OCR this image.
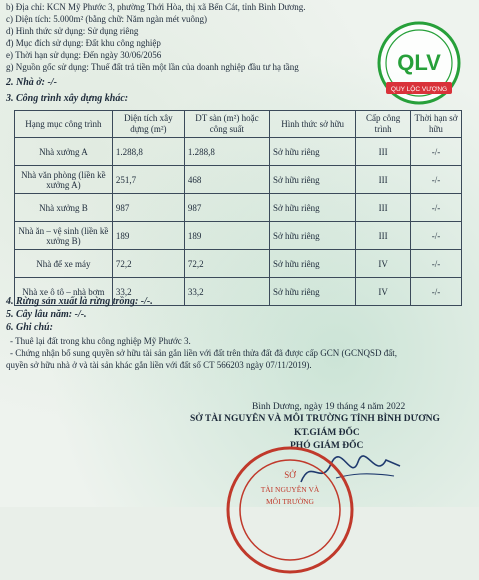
b) Địa chỉ: KCN Mỹ Phước 3, phường Thới Hòa, thị xã Bến Cát, tỉnh Bình Dương.
c) Diện tích: 5.000m² (bằng chữ: Năm ngàn mét vuông)
d) Hình thức sử dụng: Sử dụng riêng
đ) Mục đích sử dụng: Đất khu công nghiệp
e) Thời hạn sử dụng: Đến ngày 30/06/2056
g) Nguồn gốc sử dụng: Thuế đất trả tiền một lần của doanh nghiệp đầu tư hạ tầng
2. Nhà ở: -/-
3. Công trình xây dựng khác:
Hạng mục công trình	Diện tích xây dựng (m²)	DT sàn (m²) hoặc công suất	Hình thức sở hữu	Cấp công trình	Thời hạn sở hữu
Nhà xưởng A	1.288,8	1.288,8	Sở hữu riêng	III	-/-
Nhà văn phòng (liền kề xưởng A)	251,7	468	Sở hữu riêng	III	-/-
Nhà xưởng B	987	987	Sở hữu riêng	III	-/-
Nhà ăn – vệ sinh (liền kề xưởng B)	189	189	Sở hữu riêng	III	-/-
Nhà để xe máy	72,2	72,2	Sở hữu riêng	IV	-/-
Nhà xe ô tô – nhà bơm	33,2	33,2	Sở hữu riêng	IV	-/-
4. Rừng sản xuất là rừng trồng: -/-.
5. Cây lâu năm: -/-.
6. Ghi chú:
- Thuê lại đất trong khu công nghiệp Mỹ Phước 3.
- Chứng nhận bổ sung quyền sở hữu tài sản gắn liền với đất trên thửa đất đã được cấp GCN (GCNQSD đất,
quyền sở hữu nhà ở và tài sản khác gắn liền với đất số CT 566203 ngày 07/11/2019).
Bình Dương, ngày 19 tháng 4 năm 2022
SỞ TÀI NGUYÊN VÀ MÔI TRƯỜNG TỈNH BÌNH DƯƠNG
KT.GIÁM ĐỐC
PHÓ GIÁM ĐỐC
SỞ
TÀI NGUYÊN VÀ
MÔI TRƯỜNG
QLV
QUY LỘC VƯỢNG
